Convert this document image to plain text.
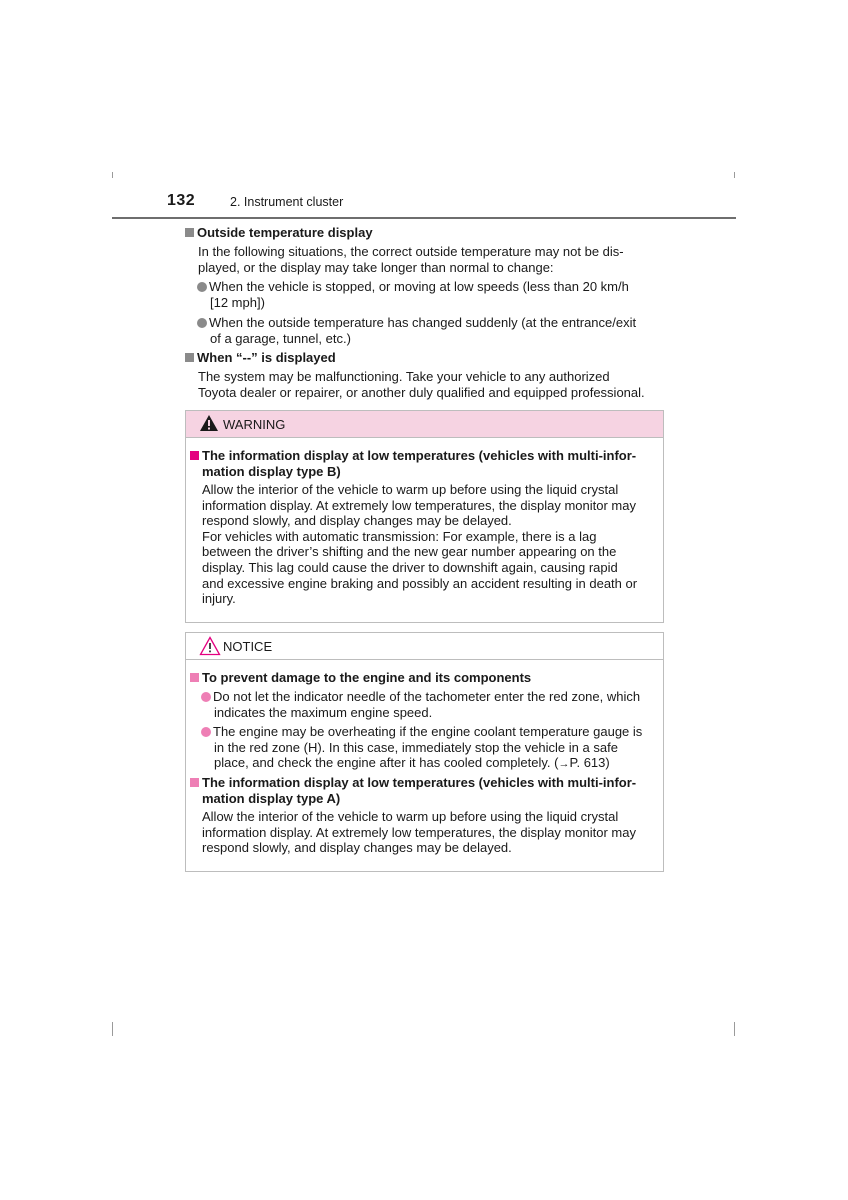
132	2. Instrument cluster
Outside temperature display
In the following situations, the correct outside temperature may not be dis-
played, or the display may take longer than normal to change:
When the vehicle is stopped, or moving at low speeds (less than 20 km/h
[12 mph])
When the outside temperature has changed suddenly (at the entrance/exit
of a garage, tunnel, etc.)
When “--” is displayed
The system may be malfunctioning. Take your vehicle to any authorized
Toyota dealer or repairer, or another duly qualified and equipped professional.
WARNING
The information display at low temperatures (vehicles with multi-infor-
mation display type B)
Allow the interior of the vehicle to warm up before using the liquid crystal
information display. At extremely low temperatures, the display monitor may
respond slowly, and display changes may be delayed.
For vehicles with automatic transmission: For example, there is a lag
between the driver’s shifting and the new gear number appearing on the
display. This lag could cause the driver to downshift again, causing rapid
and excessive engine braking and possibly an accident resulting in death or
injury.
NOTICE
To prevent damage to the engine and its components
Do not let the indicator needle of the tachometer enter the red zone, which
indicates the maximum engine speed.
The engine may be overheating if the engine coolant temperature gauge is
in the red zone (H). In this case, immediately stop the vehicle in a safe
place, and check the engine after it has cooled completely. (→P. 613)
The information display at low temperatures (vehicles with multi-infor-
mation display type A)
Allow the interior of the vehicle to warm up before using the liquid crystal
information display. At extremely low temperatures, the display monitor may
respond slowly, and display changes may be delayed.
